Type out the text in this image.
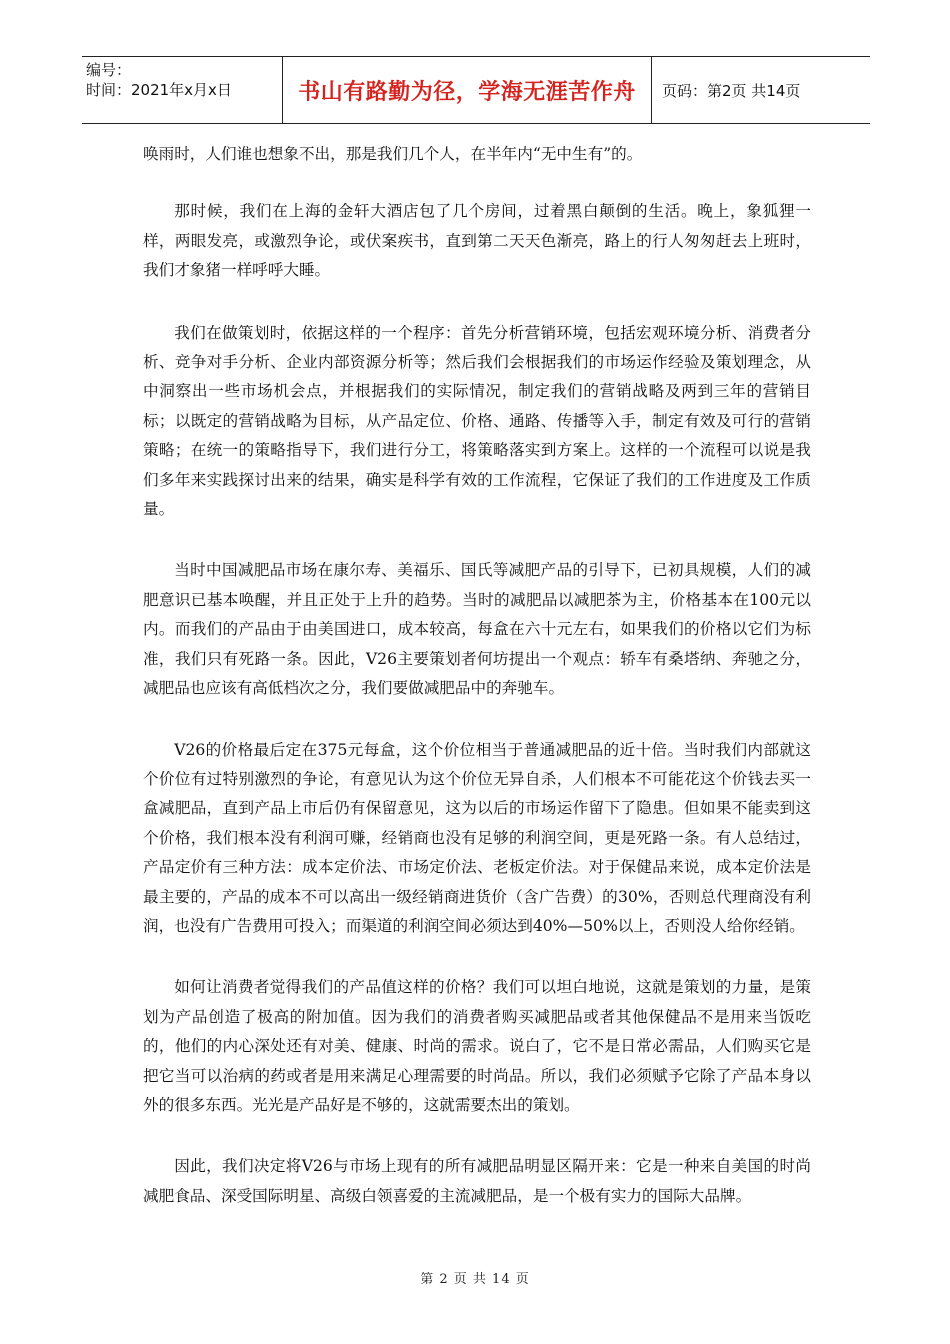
编号：
时间：2021年x月x日	书山有路勤为径，学海无涯苦作舟	页码：第2页 共14页

唤雨时，人们谁也想象不出，那是我们几个人，在半年内“无中生有”的。

那时候，我们在上海的金轩大酒店包了几个房间，过着黑白颠倒的生活。晚上，象狐狸一样，两眼发亮，或激烈争论，或伏案疾书，直到第二天天色渐亮，路上的行人匆匆赶去上班时，我们才象猪一样呼呼大睡。

我们在做策划时，依据这样的一个程序：首先分析营销环境，包括宏观环境分析、消费者分析、竞争对手分析、企业内部资源分析等；然后我们会根据我们的市场运作经验及策划理念，从中洞察出一些市场机会点，并根据我们的实际情况，制定我们的营销战略及两到三年的营销目标；以既定的营销战略为目标，从产品定位、价格、通路、传播等入手，制定有效及可行的营销策略；在统一的策略指导下，我们进行分工，将策略落实到方案上。这样的一个流程可以说是我们多年来实践探讨出来的结果，确实是科学有效的工作流程，它保证了我们的工作进度及工作质量。

当时中国减肥品市场在康尔寿、美福乐、国氏等减肥产品的引导下，已初具规模，人们的减肥意识已基本唤醒，并且正处于上升的趋势。当时的减肥品以减肥茶为主，价格基本在100元以内。而我们的产品由于由美国进口，成本较高，每盒在六十元左右，如果我们的价格以它们为标准，我们只有死路一条。因此，V26主要策划者何坊提出一个观点：轿车有桑塔纳、奔驰之分，减肥品也应该有高低档次之分，我们要做减肥品中的奔驰车。

V26的价格最后定在375元每盒，这个价位相当于普通减肥品的近十倍。当时我们内部就这个价位有过特别激烈的争论，有意见认为这个价位无异自杀，人们根本不可能花这个价钱去买一盒减肥品，直到产品上市后仍有保留意见，这为以后的市场运作留下了隐患。但如果不能卖到这个价格，我们根本没有利润可赚，经销商也没有足够的利润空间，更是死路一条。有人总结过，产品定价有三种方法：成本定价法、市场定价法、老板定价法。对于保健品来说，成本定价法是最主要的，产品的成本不可以高出一级经销商进货价（含广告费）的30%，否则总代理商没有利润，也没有广告费用可投入；而渠道的利润空间必须达到40%—50%以上，否则没人给你经销。

如何让消费者觉得我们的产品值这样的价格？我们可以坦白地说，这就是策划的力量，是策划为产品创造了极高的附加值。因为我们的消费者购买减肥品或者其他保健品不是用来当饭吃的，他们的内心深处还有对美、健康、时尚的需求。说白了，它不是日常必需品，人们购买它是把它当可以治病的药或者是用来满足心理需要的时尚品。所以，我们必须赋予它除了产品本身以外的很多东西。光光是产品好是不够的，这就需要杰出的策划。

因此，我们决定将V26与市场上现有的所有减肥品明显区隔开来：它是一种来自美国的时尚减肥食品、深受国际明星、高级白领喜爱的主流减肥品，是一个极有实力的国际大品牌。

第 2 页 共 14 页
